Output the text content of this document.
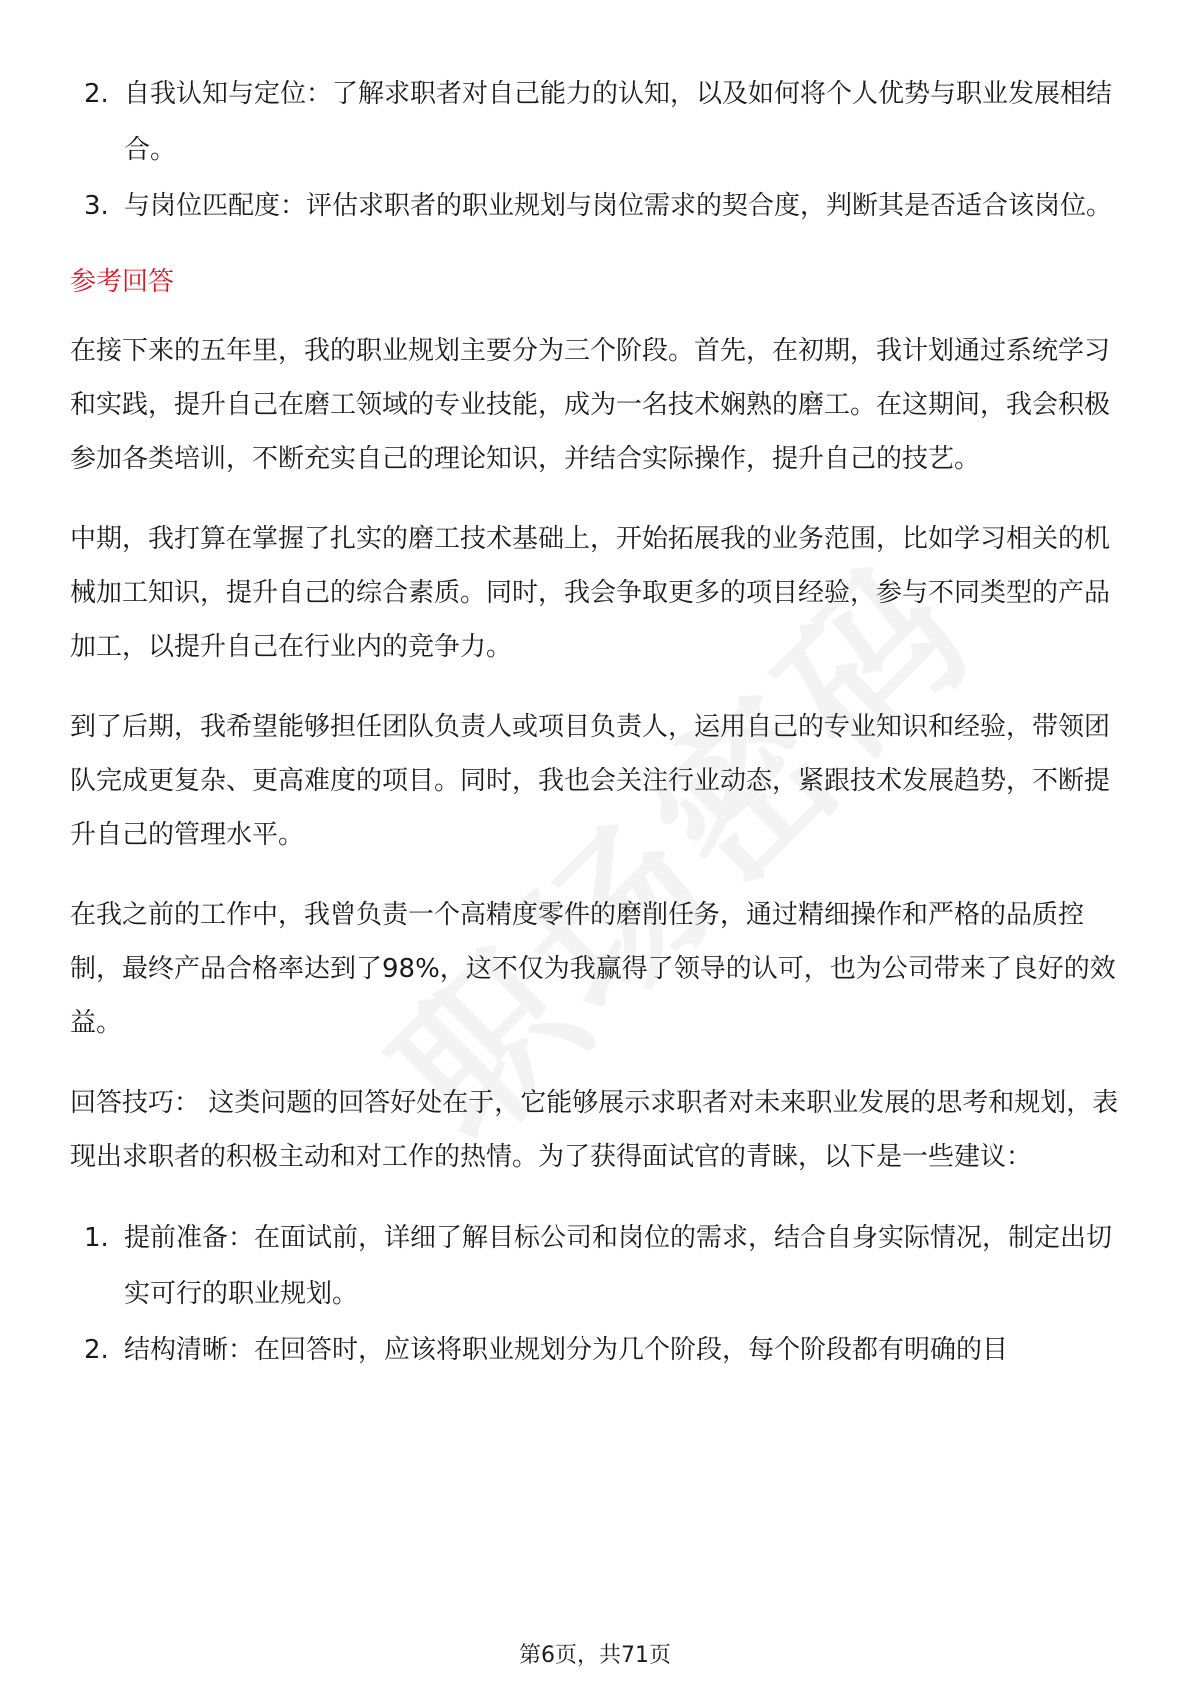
2. 自我认知与定位：了解求职者对自己能力的认知，以及如何将个人优势与职业发展相结合。
3. 与岗位匹配度：评估求职者的职业规划与岗位需求的契合度，判断其是否适合该岗位。
参考回答

在接下来的五年里，我的职业规划主要分为三个阶段。首先，在初期，我计划通过系统学习和实践，提升自己在磨工领域的专业技能，成为一名技术娴熟的磨工。在这期间，我会积极参加各类培训，不断充实自己的理论知识，并结合实际操作，提升自己的技艺。

中期，我打算在掌握了扎实的磨工技术基础上，开始拓展我的业务范围，比如学习相关的机械加工知识，提升自己的综合素质。同时，我会争取更多的项目经验，参与不同类型的产品加工，以提升自己在行业内的竞争力。

到了后期，我希望能够担任团队负责人或项目负责人，运用自己的专业知识和经验，带领团队完成更复杂、更高难度的项目。同时，我也会关注行业动态，紧跟技术发展趋势，不断提升自己的管理水平。

在我之前的工作中，我曾负责一个高精度零件的磨削任务，通过精细操作和严格的品质控制，最终产品合格率达到了98%，这不仅为我赢得了领导的认可，也为公司带来了良好的效益。

回答技巧： 这类问题的回答好处在于，它能够展示求职者对未来职业发展的思考和规划，表现出求职者的积极主动和对工作的热情。为了获得面试官的青睐，以下是一些建议：

1. 提前准备：在面试前，详细了解目标公司和岗位的需求，结合自身实际情况，制定出切实可行的职业规划。
2. 结构清晰：在回答时，应该将职业规划分为几个阶段，每个阶段都有明确的目
第6页，共71页
